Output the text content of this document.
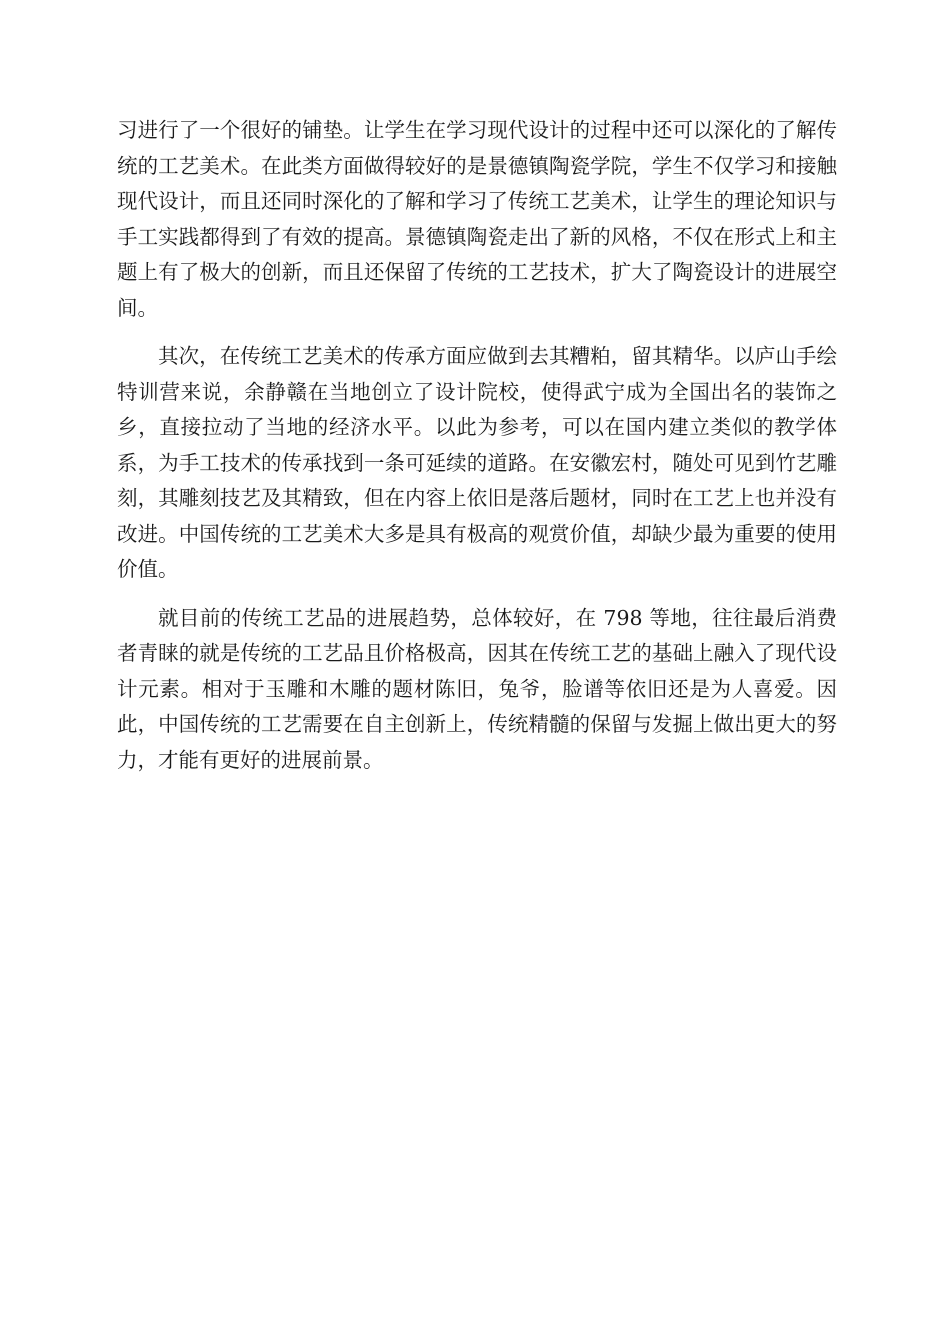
习进行了一个很好的铺垫。让学生在学习现代设计的过程中还可以深化的了解传统的工艺美术。在此类方面做得较好的是景德镇陶瓷学院，学生不仅学习和接触现代设计，而且还同时深化的了解和学习了传统工艺美术，让学生的理论知识与手工实践都得到了有效的提高。景德镇陶瓷走出了新的风格，不仅在形式上和主题上有了极大的创新，而且还保留了传统的工艺技术，扩大了陶瓷设计的进展空间。

其次，在传统工艺美术的传承方面应做到去其糟粕，留其精华。以庐山手绘特训营来说，余静赣在当地创立了设计院校，使得武宁成为全国出名的装饰之乡，直接拉动了当地的经济水平。以此为参考，可以在国内建立类似的教学体系，为手工技术的传承找到一条可延续的道路。在安徽宏村，随处可见到竹艺雕刻，其雕刻技艺及其精致，但在内容上依旧是落后题材，同时在工艺上也并没有改进。中国传统的工艺美术大多是具有极高的观赏价值，却缺少最为重要的使用价值。

就目前的传统工艺品的进展趋势，总体较好，在 798 等地，往往最后消费者青睐的就是传统的工艺品且价格极高，因其在传统工艺的基础上融入了现代设计元素。相对于玉雕和木雕的题材陈旧，兔爷，脸谱等依旧还是为人喜爱。因此，中国传统的工艺需要在自主创新上，传统精髓的保留与发掘上做出更大的努力，才能有更好的进展前景。
